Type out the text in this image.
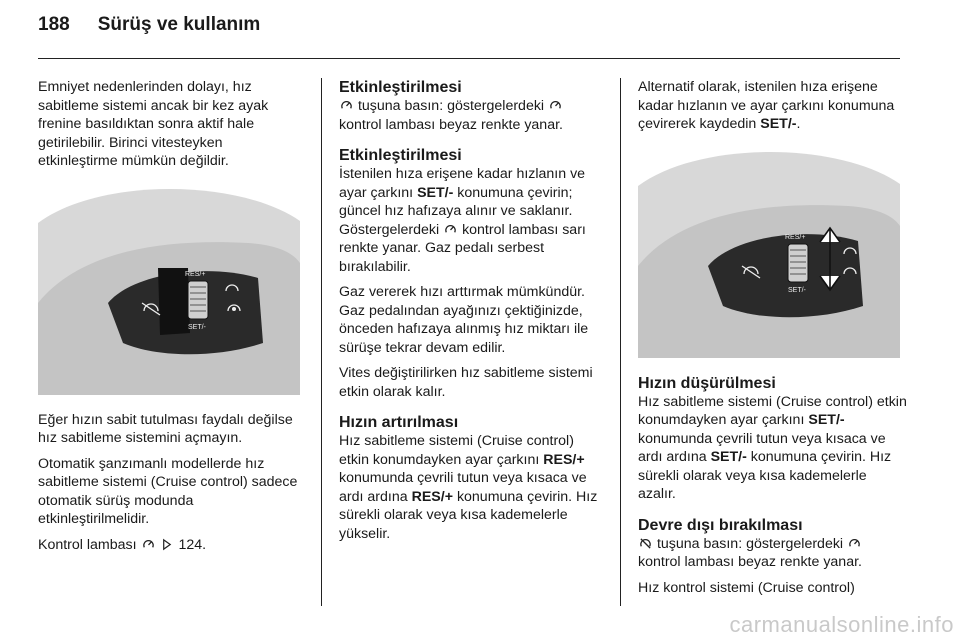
188 Sürüş ve kullanım

Emniyet nedenlerinden dolayı, hız sabitleme sistemi ancak bir kez ayak frenine basıldıktan sonra aktif hale getirilebilir. Birinci vitesteyken etkinleştirme mümkün değildir.

RES/+
SET/-

Eğer hızın sabit tutulması faydalı değilse hız sabitleme sistemini açmayın.

Otomatik şanzımanlı modellerde hız sabitleme sistemi (Cruise control) sadece otomatik sürüş modunda etkinleştirilmelidir.

Kontrol lambası	124.

Etkinleştirilmesi

tuşuna basın: göstergelerdeki  kontrol lambası beyaz renkte yanar.

Etkinleştirilmesi

İstenilen hıza erişene kadar hızlanın ve ayar çarkını SET/- konumuna çevirin; güncel hız hafızaya alınır ve saklanır. Göstergelerdeki kontrol lambası sarı renkte yanar. Gaz pedalı serbest bırakılabilir.

Gaz vererek hızı arttırmak mümkündür. Gaz pedalından ayağınızı çektiğinizde, önceden hafızaya alınmış hız miktarı ile sürüşe tekrar devam edilir.

Vites değiştirilirken hız sabitleme sistemi etkin olarak kalır.

Hızın artırılması

Hız sabitleme sistemi (Cruise control) etkin konumdayken ayar çarkını RES/+ konumunda çevrili tutun veya kısaca ve ardı ardına RES/+ konumuna çevirin. Hız sürekli olarak veya kısa kademelerle yükselir.

Alternatif olarak, istenilen hıza erişene kadar hızlanın ve ayar çarkını konumuna çevirerek kaydedin SET/-.

RES/+
SET/-
Hızın düşürülmesi

Hız sabitleme sistemi (Cruise control) etkin konumdayken ayar çarkını SET/- konumunda çevrili tutun veya kısaca ve ardı ardına SET/- konumuna çevirin. Hız sürekli olarak veya kısa kademelerle azalır.

Devre dışı bırakılması

tuşuna basın: göstergelerdeki  kontrol lambası beyaz renkte yanar.

Hız kontrol sistemi (Cruise control)

carmanualsonline.info
